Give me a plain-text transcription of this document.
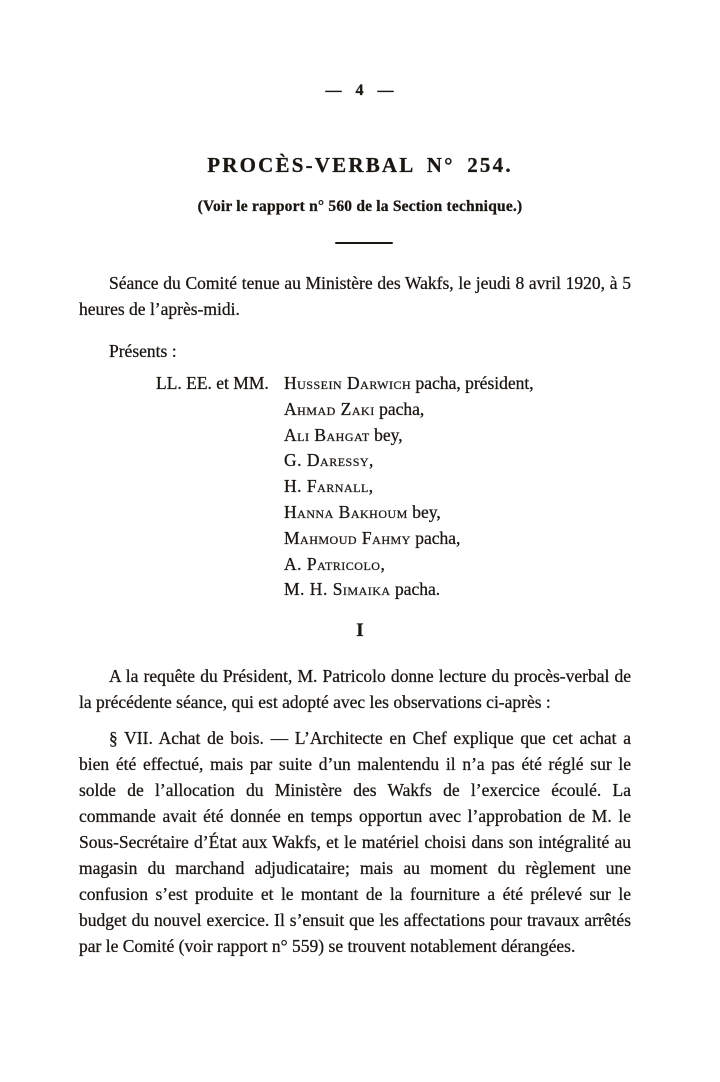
— 4 —
PROCÈS-VERBAL N° 254.
(Voir le rapport n° 560 de la Section technique.)

Séance du Comité tenue au Ministère des Wakfs, le jeudi 8 avril 1920, à 5 heures de l’après-midi.

Présents :
LL. EE. et MM. Hussein Darwich pacha, président,
Ahmad Zaki pacha,
Ali Bahgat bey,
G. Daressy,
H. Farnall,
Hanna Bakhoum bey,
Mahmoud Fahmy pacha,
A. Patricolo,
M. H. Simaika pacha.
I

A la requête du Président, M. Patricolo donne lecture du procès-verbal de la précédente séance, qui est adopté avec les observations ci-après :

§ VII. Achat de bois. — L’Architecte en Chef explique que cet achat a bien été effectué, mais par suite d’un malentendu il n’a pas été réglé sur le solde de l’allocation du Ministère des Wakfs de l’exercice écoulé. La commande avait été donnée en temps opportun avec l’approbation de M. le Sous-Secrétaire d’État aux Wakfs, et le matériel choisi dans son intégralité au magasin du marchand adjudicataire; mais au moment du règlement une confusion s’est produite et le montant de la fourniture a été prélevé sur le budget du nouvel exercice. Il s’ensuit que les affectations pour travaux arrêtés par le Comité (voir rapport n° 559) se trouvent notablement dérangées.
